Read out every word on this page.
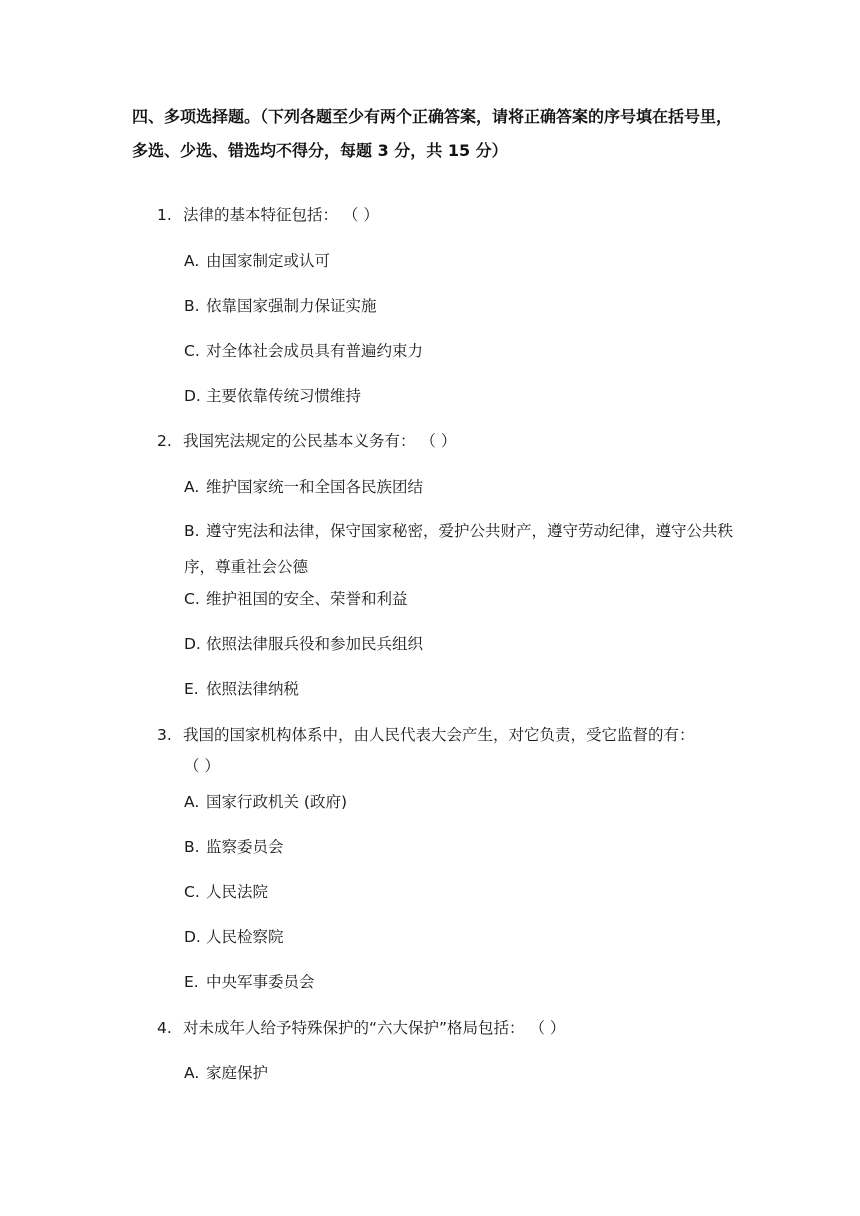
四、多项选择题。（下列各题至少有两个正确答案，请将正确答案的序号填在括号里，多选、少选、错选均不得分，每题 3 分，共 15 分）
1. 法律的基本特征包括： （ ）
A. 由国家制定或认可
B. 依靠国家强制力保证实施
C. 对全体社会成员具有普遍约束力
D. 主要依靠传统习惯维持
2. 我国宪法规定的公民基本义务有： （ ）
A. 维护国家统一和全国各民族团结
B. 遵守宪法和法律，保守国家秘密，爱护公共财产，遵守劳动纪律，遵守公共秩序，尊重社会公德
C. 维护祖国的安全、荣誉和利益
D. 依照法律服兵役和参加民兵组织
E. 依照法律纳税
3. 我国的国家机构体系中，由人民代表大会产生，对它负责，受它监督的有：
（ ）
A. 国家行政机关 (政府)
B. 监察委员会
C. 人民法院
D. 人民检察院
E. 中央军事委员会
4. 对未成年人给予特殊保护的“六大保护”格局包括： （ ）
A. 家庭保护
